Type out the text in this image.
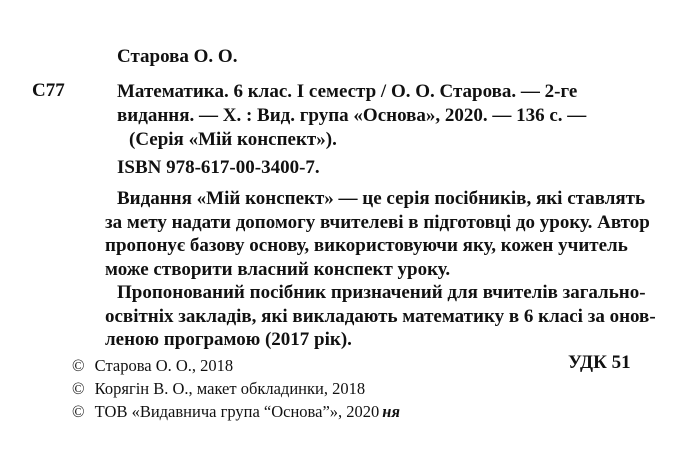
Старова О. О.
С77	Математика. 6 клас. І семестр / О. О. Старова. — 2-ге
видання. — Х. : Вид. група «Основа», 2020. — 136 с. —
(Серія «Мій конспект»).
ISBN 978-617-00-3400-7.
Видання «Мій конспект» — це серія посібників, які ставлять
за мету надати допомогу вчителеві в підготовці до уроку. Автор
пропонує базову основу, використовуючи яку, кожен учитель
може створити власний конспект уроку.
Пропонований посібник призначений для вчителів загально-
освітніх закладів, які викладають математику в 6 класі за онов-
леною програмою (2017 рік).
УДК 51
© Старова О. О., 2018
© Корягін В. О., макет обкладинки, 2018
© ТОВ «Видавнича група “Основа”», 2020 ня
